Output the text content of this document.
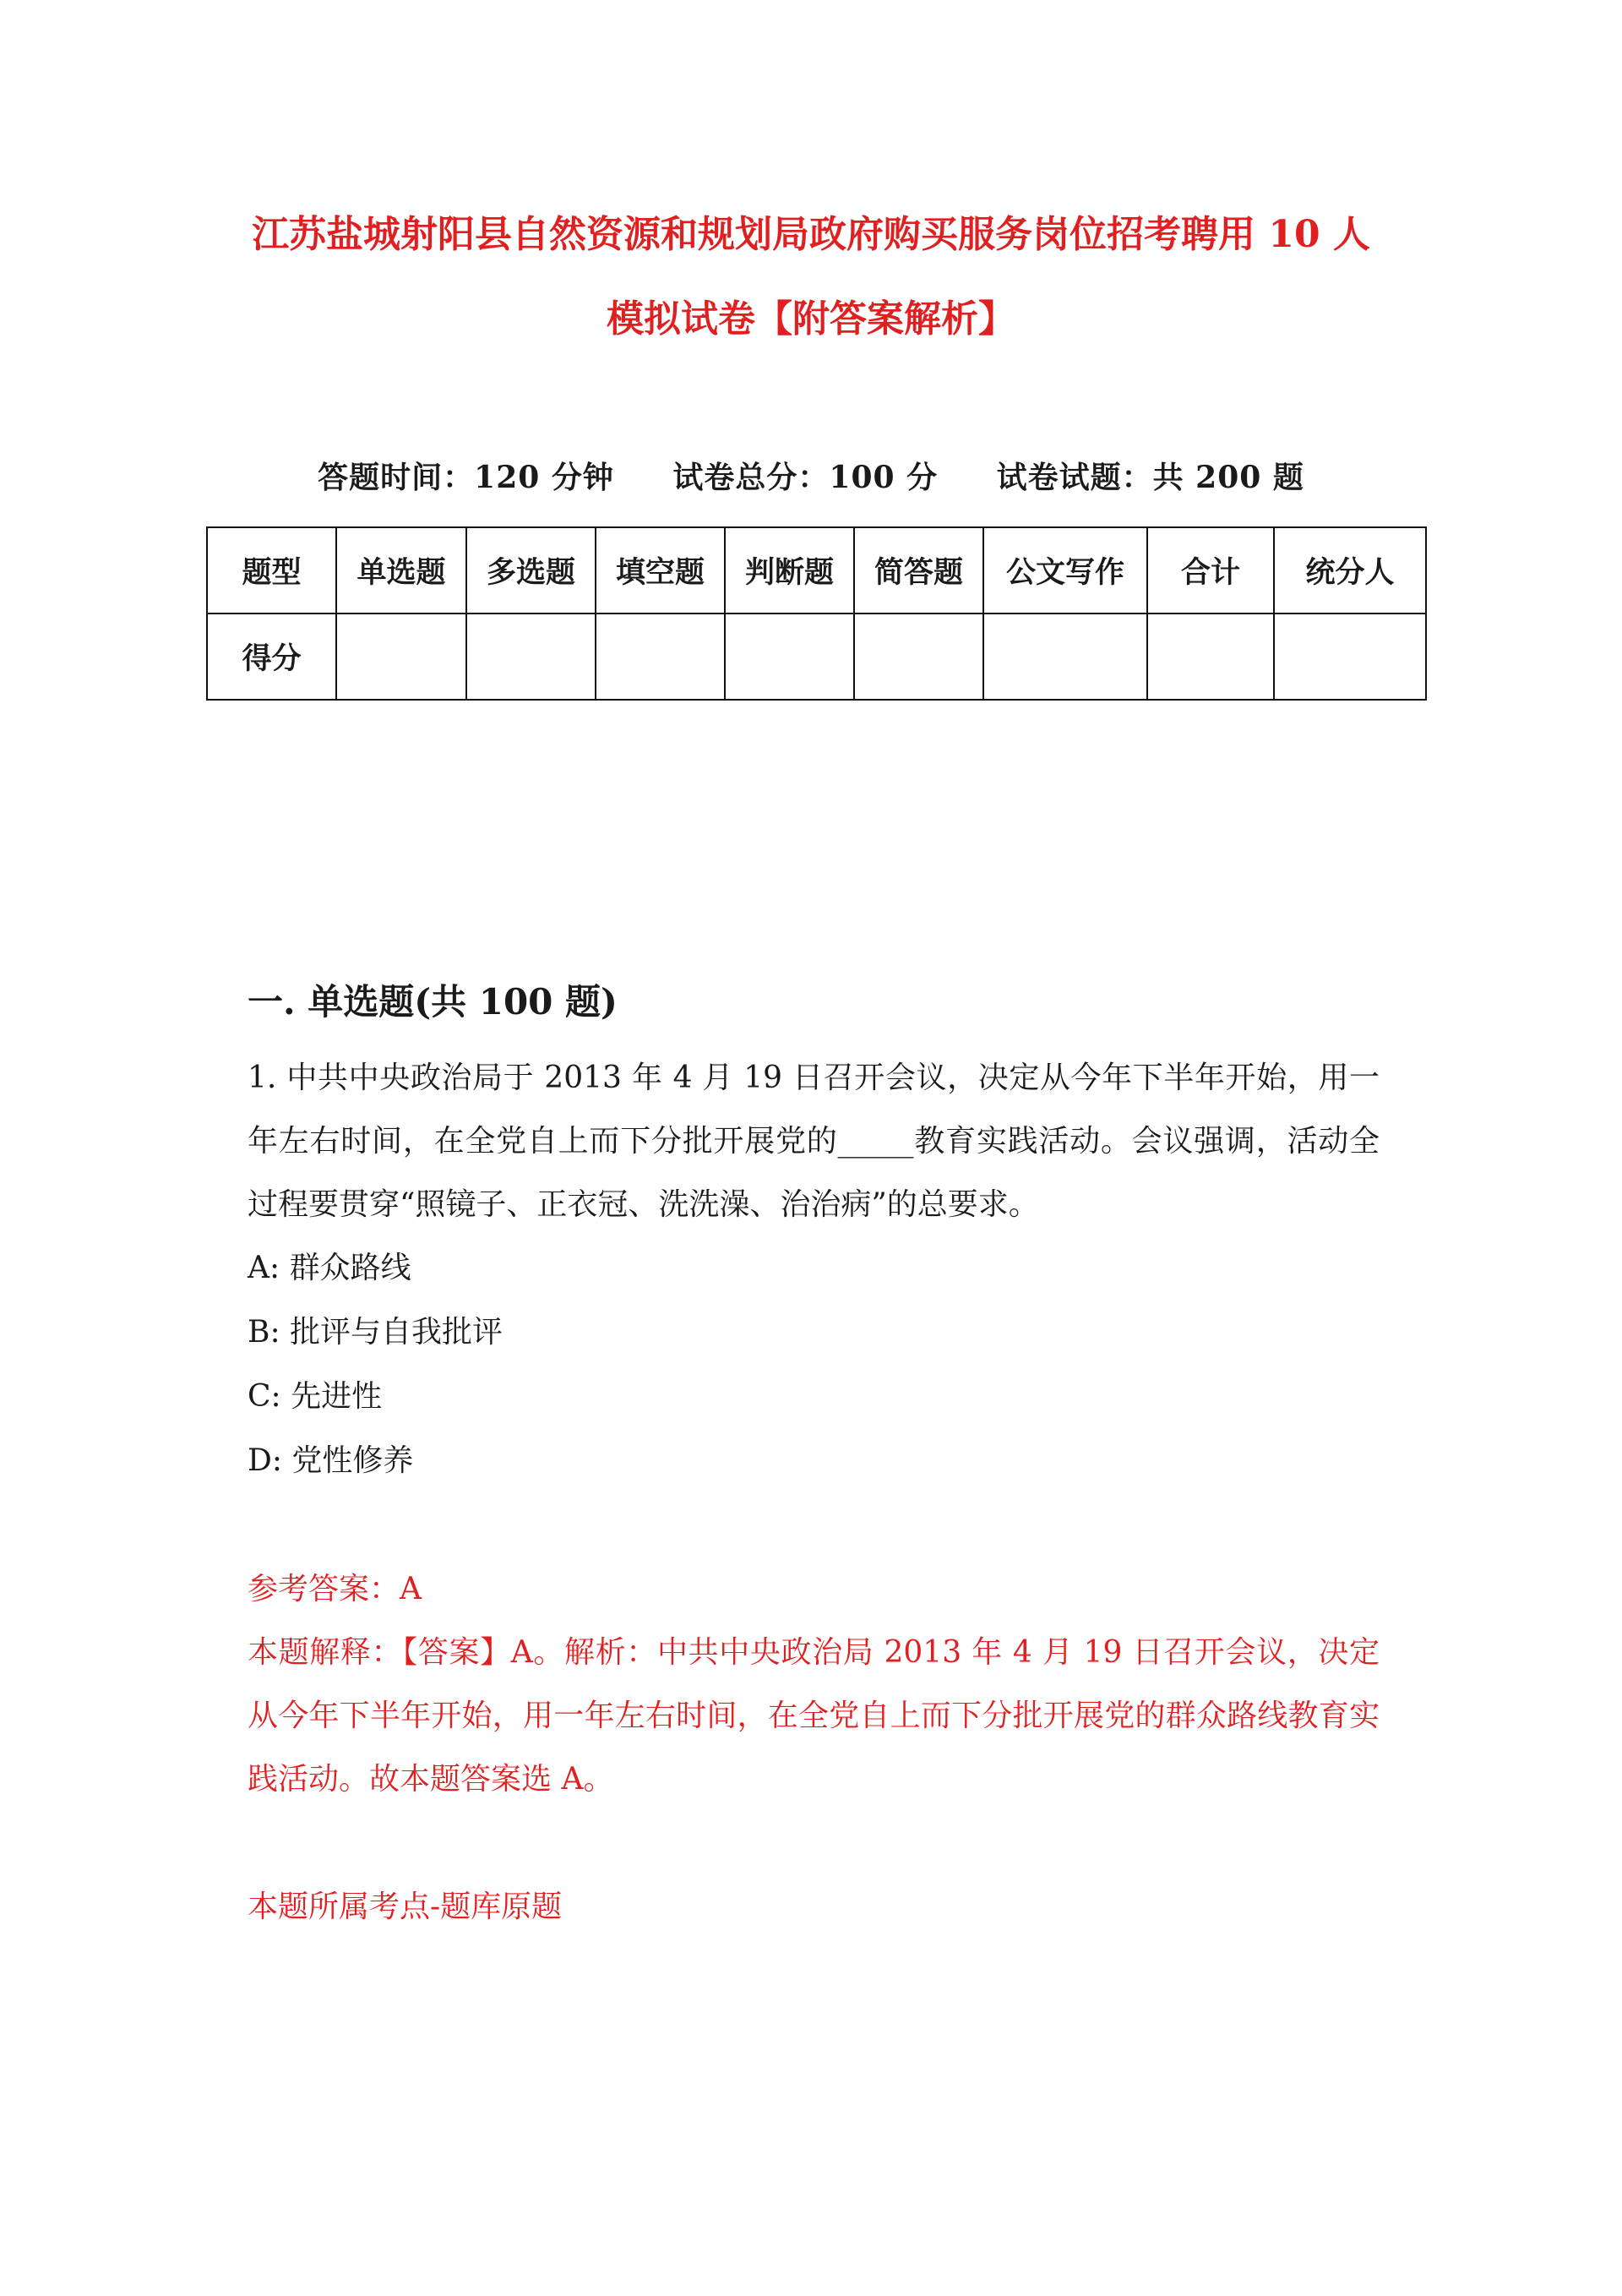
江苏盐城射阳县自然资源和规划局政府购买服务岗位招考聘用 10 人
模拟试卷【附答案解析】
答题时间：120 分钟 试卷总分：100 分 试卷试题：共 200 题
题型	单选题	多选题	填空题	判断题	简答题	公文写作	合计	统分人
得分								
一. 单选题(共 100 题)
1. 中共中央政治局于 2013 年 4 月 19 日召开会议，决定从今年下半年开始，用一年左右时间，在全党自上而下分批开展党的_____教育实践活动。会议强调，活动全过程要贯穿“照镜子、正衣冠、洗洗澡、治治病”的总要求。
A: 群众路线
B: 批评与自我批评
C: 先进性
D: 党性修养
参考答案：A
本题解释：【答案】A。解析：中共中央政治局 2013 年 4 月 19 日召开会议，决定从今年下半年开始，用一年左右时间，在全党自上而下分批开展党的群众路线教育实践活动。故本题答案选 A。
本题所属考点-题库原题
